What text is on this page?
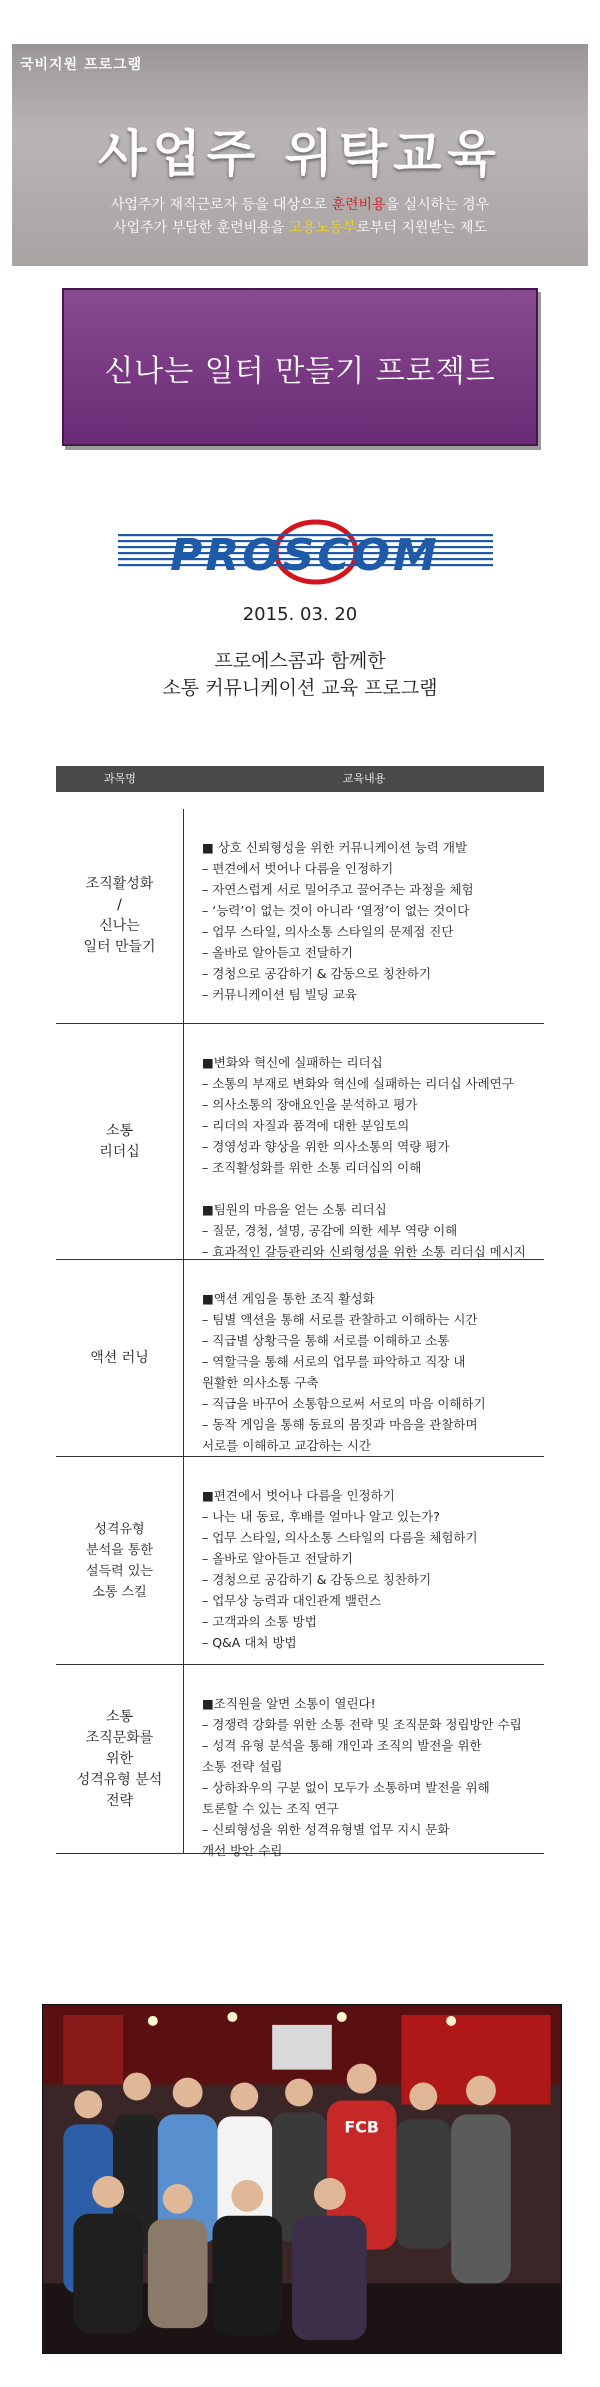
국비지원 프로그램
사업주 위탁교육
사업주가 재직근로자 등을 대상으로 훈련비용을 실시하는 경우
사업주가 부담한 훈련비용을 고용노동부로부터 지원받는 제도
신나는 일터 만들기 프로젝트
PROSCOM
2015. 03. 20
프로에스콤과 함께한
소통 커뮤니케이션 교육 프로그램
과목명	교육내용
조직활성화
/
신나는
일터 만들기
■ 상호 신뢰형성을 위한 커뮤니케이션 능력 개발
– 편견에서 벗어나 다름을 인정하기
– 자연스럽게 서로 밀어주고 끌어주는 과정을 체험
– ‘능력’이 없는 것이 아니라 ‘열정’이 없는 것이다
– 업무 스타일, 의사소통 스타일의 문제점 진단
– 올바로 알아듣고 전달하기
– 경청으로 공감하기 & 감동으로 칭찬하기
– 커뮤니케이션 팀 빌딩 교육
소통
리더십
■변화와 혁신에 실패하는 리더십
– 소통의 부재로 변화와 혁신에 실패하는 리더십 사례연구
– 의사소통의 장애요인을 분석하고 평가
– 리더의 자질과 품격에 대한 분임토의
– 경영성과 향상을 위한 의사소통의 역량 평가
– 조직활성화를 위한 소통 리더십의 이해
■팀원의 마음을 얻는 소통 리더십
– 질문, 경청, 설명, 공감에 의한 세부 역량 이해
– 효과적인 갈등관리와 신뢰형성을 위한 소통 리더십 메시지
액션 러닝
■액션 게임을 통한 조직 활성화
– 팀별 액션을 통해 서로를 관찰하고 이해하는 시간
– 직급별 상황극을 통해 서로를 이해하고 소통
– 역할극을 통해 서로의 업무를 파악하고 직장 내
원활한 의사소통 구축
– 직급을 바꾸어 소통함으로써 서로의 마음 이해하기
– 동작 게임을 통해 동료의 몸짓과 마음을 관찰하며
서로를 이해하고 교감하는 시간
성격유형
분석을 통한
설득력 있는
소통 스킬
■편견에서 벗어나 다름을 인정하기
– 나는 내 동료, 후배를 얼마나 알고 있는가?
– 업무 스타일, 의사소통 스타일의 다름을 체험하기
– 올바로 알아듣고 전달하기
– 경청으로 공감하기 & 감동으로 칭찬하기
– 업무상 능력과 대인관계 밸런스
– 고객과의 소통 방법
– Q&A 대처 방법
소통
조직문화를
위한
성격유형 분석
전략
■조직원을 알면 소통이 열린다!
– 경쟁력 강화를 위한 소통 전략 및 조직문화 정립방안 수립
– 성격 유형 분석을 통해 개인과 조직의 발전을 위한
소통 전략 설립
– 상하좌우의 구분 없이 모두가 소통하며 발전을 위해
토론할 수 있는 조직 연구
– 신뢰형성을 위한 성격유형별 업무 지시 문화
개선 방안 수립
FCB
